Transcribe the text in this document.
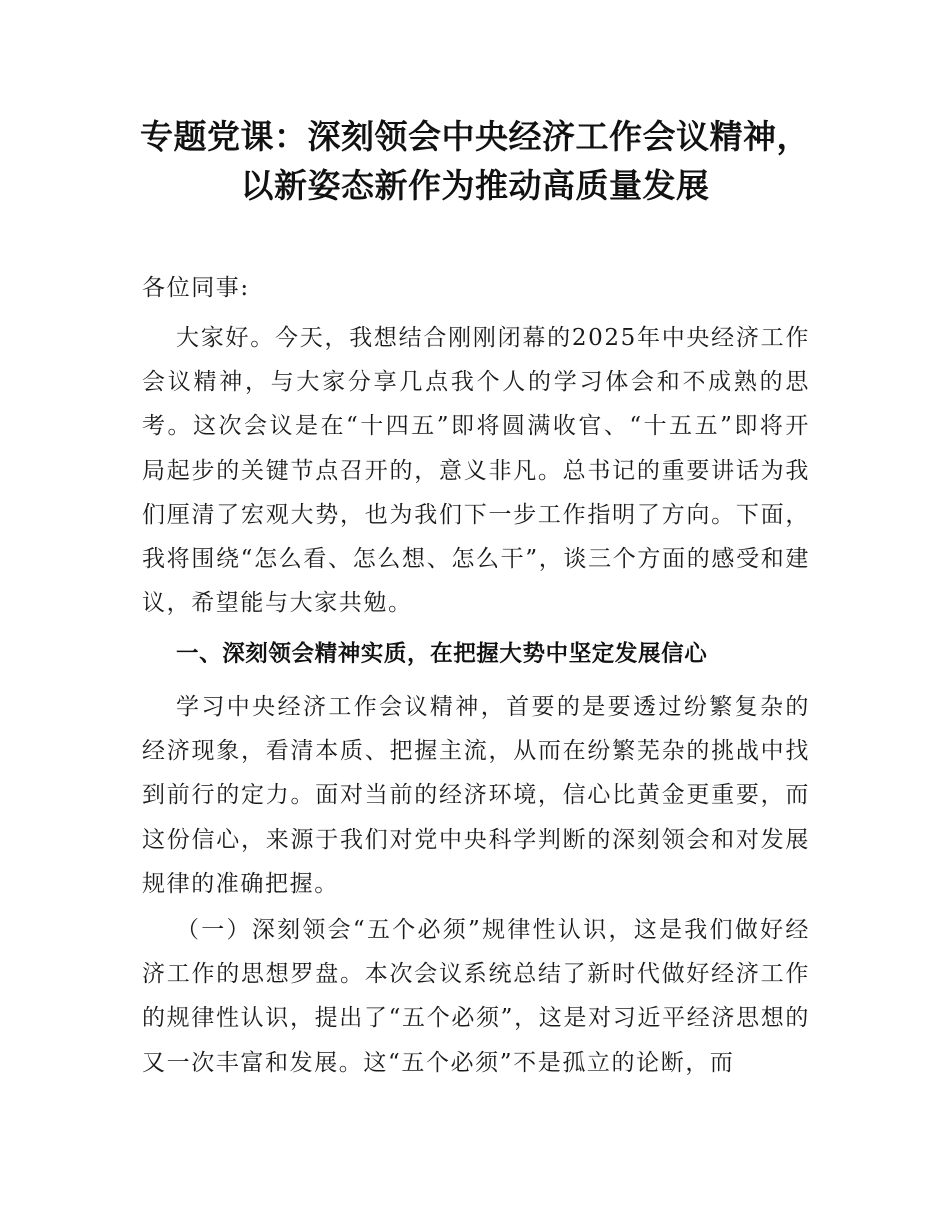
专题党课：深刻领会中央经济工作会议精神，以新姿态新作为推动高质量发展

各位同事:

大家好。今天，我想结合刚刚闭幕的2025年中央经济工作会议精神，与大家分享几点我个人的学习体会和不成熟的思考。这次会议是在“十四五”即将圆满收官、“十五五”即将开局起步的关键节点召开的，意义非凡。总书记的重要讲话为我们厘清了宏观大势，也为我们下一步工作指明了方向。下面，我将围绕“怎么看、怎么想、怎么干”，谈三个方面的感受和建议，希望能与大家共勉。

一、深刻领会精神实质，在把握大势中坚定发展信心

学习中央经济工作会议精神，首要的是要透过纷繁复杂的经济现象，看清本质、把握主流，从而在纷繁芜杂的挑战中找到前行的定力。面对当前的经济环境，信心比黄金更重要，而这份信心，来源于我们对党中央科学判断的深刻领会和对发展规律的准确把握。

（一）深刻领会“五个必须”规律性认识，这是我们做好经济工作的思想罗盘。本次会议系统总结了新时代做好经济工作的规律性认识，提出了“五个必须”，这是对习近平经济思想的又一次丰富和发展。这“五个必须”不是孤立的论断，而
